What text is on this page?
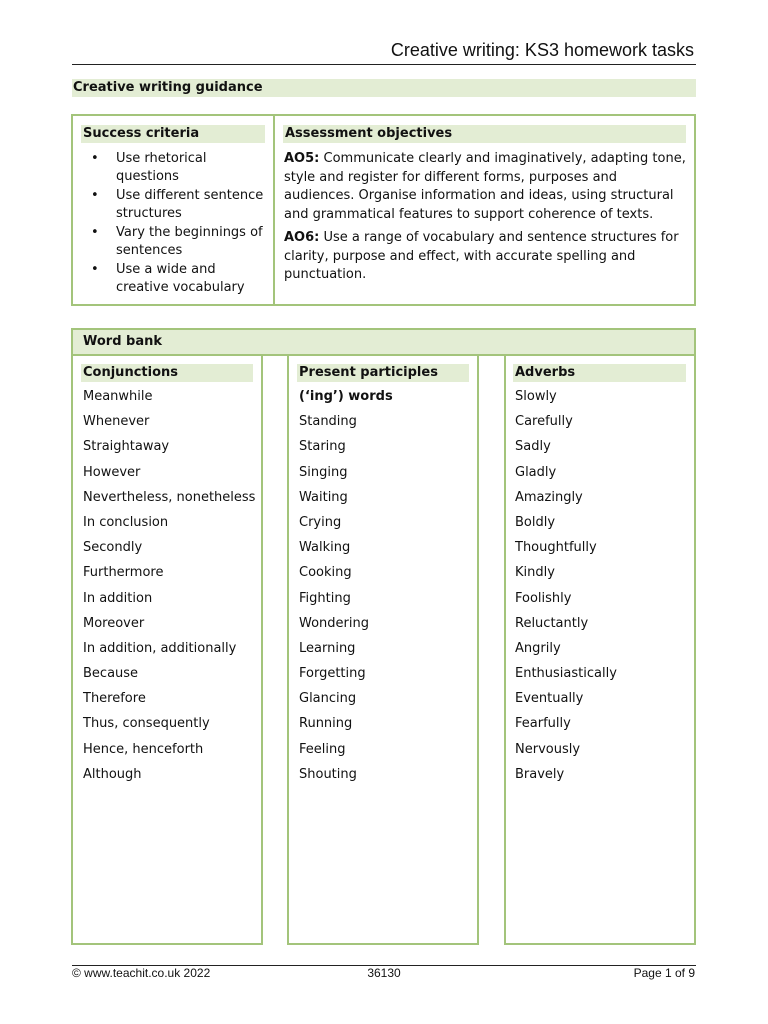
Creative writing: KS3 homework tasks
Creative writing guidance
Success criteria
• Use rhetorical questions
• Use different sentence structures
• Vary the beginnings of sentences
• Use a wide and creative vocabulary
Assessment objectives

AO5: Communicate clearly and imaginatively, adapting tone, style and register for different forms, purposes and audiences. Organise information and ideas, using structural and grammatical features to support coherence of texts.

AO6: Use a range of vocabulary and sentence structures for clarity, purpose and effect, with accurate spelling and punctuation.

Word bank
Conjunctions
Meanwhile
Whenever
Straightaway
However
Nevertheless, nonetheless
In conclusion
Secondly
Furthermore
In addition
Moreover
In addition, additionally
Because
Therefore
Thus, consequently
Hence, henceforth
Although
Present participles
(‘ing’) words
Standing
Staring
Singing
Waiting
Crying
Walking
Cooking
Fighting
Wondering
Learning
Forgetting
Glancing
Running
Feeling
Shouting
Adverbs
Slowly
Carefully
Sadly
Gladly
Amazingly
Boldly
Thoughtfully
Kindly
Foolishly
Reluctantly
Angrily
Enthusiastically
Eventually
Fearfully
Nervously
Bravely
© www.teachit.co.uk 2022	36130	Page 1 of 9
